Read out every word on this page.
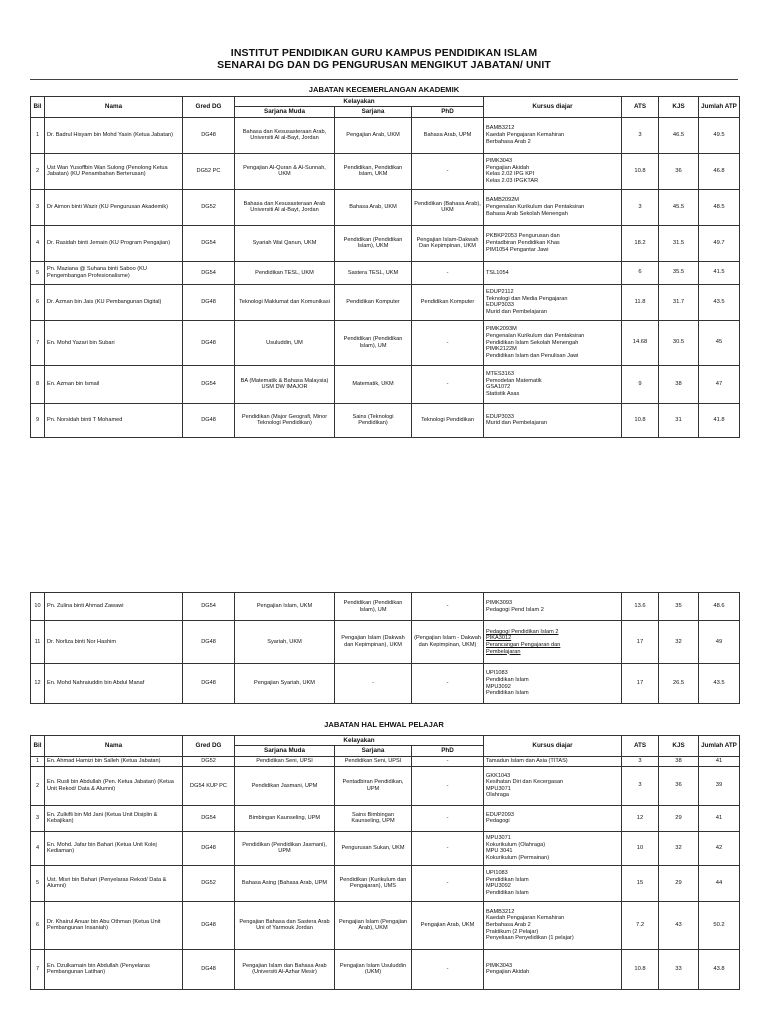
INSTITUT PENDIDIKAN GURU KAMPUS PENDIDIKAN ISLAM
SENARAI DG DAN DG PENGURUSAN MENGIKUT JABATAN/ UNIT
JABATAN KECEMERLANGAN AKADEMIK
Bil	Nama	Gred DG	Kelayakan			Kursus diajar	ATS	KJS	Jumlah ATP
			Sarjana Muda	Sarjana	PhD				
1	Dr. Badrul Hisyam bin Mohd Yasin (Ketua Jabatan)	DG48	Bahasa dan Kesusasteraan Arab, Universiti Al al-Bayt, Jordan	Pengajian Arab, UKM	Bahasa Arab, UPM	BAMB3212
Kaedah Pengajaran Kemahiran
Berbahasa Arab 2	3	46.5	49.5
2	Ust Wan Yusoffbin Wan Sulong (Penolong Ketua Jabatan) (KU Penambahan Berterusan)	DG52 PC	Pengajian Al-Quran & Al-Sunnah, UKM	Pendidikan, Pendidikan Islam, UKM	-	PIMK3043
Pengajian Akidah
Kelas 2.02 IPG KPI
Kelas 2.03 IPGKTAR	10.8	36	46.8
3	Dr Aimon binti Wazir (KU Pengurusan Akademik)	DG52	Bahasa dan Kesusasteraan Arab Universiti Al al-Bayt, Jordan	Bahasa Arab, UKM	Pendidikan (Bahasa Arab), UKM	BAMB2092M
Pengenalan Kurikulum dan Pentaksiran
Bahasa Arab Sekolah Menengah	3	45.5	48.5
4	Dr. Rasidah binti Jemain (KU Program Pengajian)	DG54	Syariah Wal Qanun, UKM	Pendidikan (Pendidikan Islam), UKM	Pengajian Islam-Dakwah Dan Kepimpinan, UKM	PKBKP2053 Pengurusan dan
Pentadbiran Pendidikan Khas
PIM1054 Pengantar Jawi	18.2	31.5	49.7
5	Pn. Maziana @ Suhana binti Saboo (KU Pengembangan Profesionalisme)	DG54	Pendidikan TESL, UKM	Sastera TESL, UKM	-	TSL1054	6	35.5	41.5
6	Dr. Azman bin Jais (KU Pembangunan Digital)	DG48	Teknologi Maklumat dan Komunikasi	Pendidikan Komputer	Pendidikan Komputer	EDUP2112
Teknologi dan Media Pengajaran
EDUP3033
Murid dan Pembelajaran	11.8	31.7	43.5
7	En. Mohd Yazari bin Subari	DG48	Usuluddin, UM	Pendidikan (Pendidikan Islam), UM	-	PIMK2093M
Pengenalan Kurikulum dan Pentaksiran
Pendidikan Islam Sekolah Menengah
PIMK2122M
Pendidikan Islam dan Penulisan Jawi	14.68	30.5	45
8	En. Azman bin Ismail	DG54	BA (Matematik & Bahasa Malaysia) USM DW IMAJOR	Matematik, UKM	-	MTES3163
Pemodelan Matematik
GSA1072
Statistik Asas	9	38	47
9	Pn. Norsidah binti T Mohamed	DG48	Pendidikan (Major Geografi, Minor Teknologi Pendidikan)	Sains (Teknologi Pendidikan)	Teknologi Pendidikan	EDUP3033
Murid dan Pembelajaran	10.8	31	41.8
10	Pn. Zulina binti Ahmad Zawawi	DG54	Pengajian Islam, UKM	Pendidikan (Pendidikan Islam), UM	-	PIMK3093
Pedagogi Pend Islam 2	13.6	35	48.6
11	Dr. Norliza binti Nor Hashim	DG48	Syariah, UKM	Pengajian Islam (Dakwah dan Kepimpinan), UKM	(Pengajian Islam - Dakwah dan Kepimpinan, UKM)	Pedagogi Pendidikan Islam 2
PIKA3012
Perancangan Pengajaran dan
Pembelajaran	17	32	49
12	En. Mohd Nahraiuddin bin Abdul Manaf	DG48	Pengajian Syariah, UKM	-	-	UPI1083
Pendidikan Islam
MPU3092
Pendidikan Islam	17	26.5	43.5
JABATAN HAL EHWAL PELAJAR
Bil	Nama	Gred DG	Kelayakan			Kursus diajar	ATS	KJS	Jumlah ATP
			Sarjana Muda	Sarjana	PhD				
1	En. Ahmad Hamizi bin Salleh (Ketua Jabatan)	DG52	Pendidikan Seni, UPSI	Pendidikan Seni, UPSI	-	Tamadun Islam dan Asia (TITAS)	3	38	41
2	En. Rusli bin Abdullah (Pen. Ketua Jabatan) (Ketua Unit Rekod/ Data & Alumni)	DG54 KUP PC	Pendidikan Jasmani, UPM	Pentadbiran Pendidikan, UPM	-	GKK1043
Kesihatan Diri dan Kecergasan
MPU3071
Olahraga	3	36	39
3	En. Zulkifli bin Md Jani (Ketua Unit Disiplin & Kebajikan)	DG54	Bimbingan Kaunseling, UPM	Sains Bimbingan Kaunseling, UPM	-	EDUP2093
Pedagogi	12	29	41
4	En. Mohd. Jafar bin Bahari (Ketua Unit Kolej Kediaman)	DG48	Pendidikan (Pendidikan Jasmani), UPM	Pengurusan Sukan, UKM	-	MPU3071
Kokurikulum (Olahraga)
MPU 3041
Kokurikulum (Permainan)	10	32	42
5	Ust. Misri bin Bahari (Penyelaras Rekod/ Data & Alumni)	DG52	Bahasa Asing (Bahasa Arab, UPM	Pendidikan (Kurikulum dan Pengajaran), UMS	-	UPI1083
Pendidikan Islam
MPU3092
Pendidikan Islam	15	29	44
6	Dr. Khairul Anuar bin Abu Othman (Ketua Unit Pembangunan Insaniah)	DG48	Pengajian Bahasa dan Sastera Arab Uni of Yarmouk Jordan	Pengajian Islam (Pengajian Arab), UKM	Pengajian Arab, UKM	BAMB3212
Kaedah Pengajaran Kemahiran
Berbahasa Arab 2
Praktikum (2 Pelajar)
Penyeliaan Penyelidikan (1 pelajar)	7.2	43	50.2
7	En. Dzulkarnain bin Abdullah (Penyelaras Pembangunan Latihan)	DG48	Pengajian Islam dan Bahasa Arab (Universiti Al-Azhar Mesir)	Pengajian Islam Usuluddin (UKM)	-	PIMK3043
Pengajian Akidah	10.8	33	43.8
